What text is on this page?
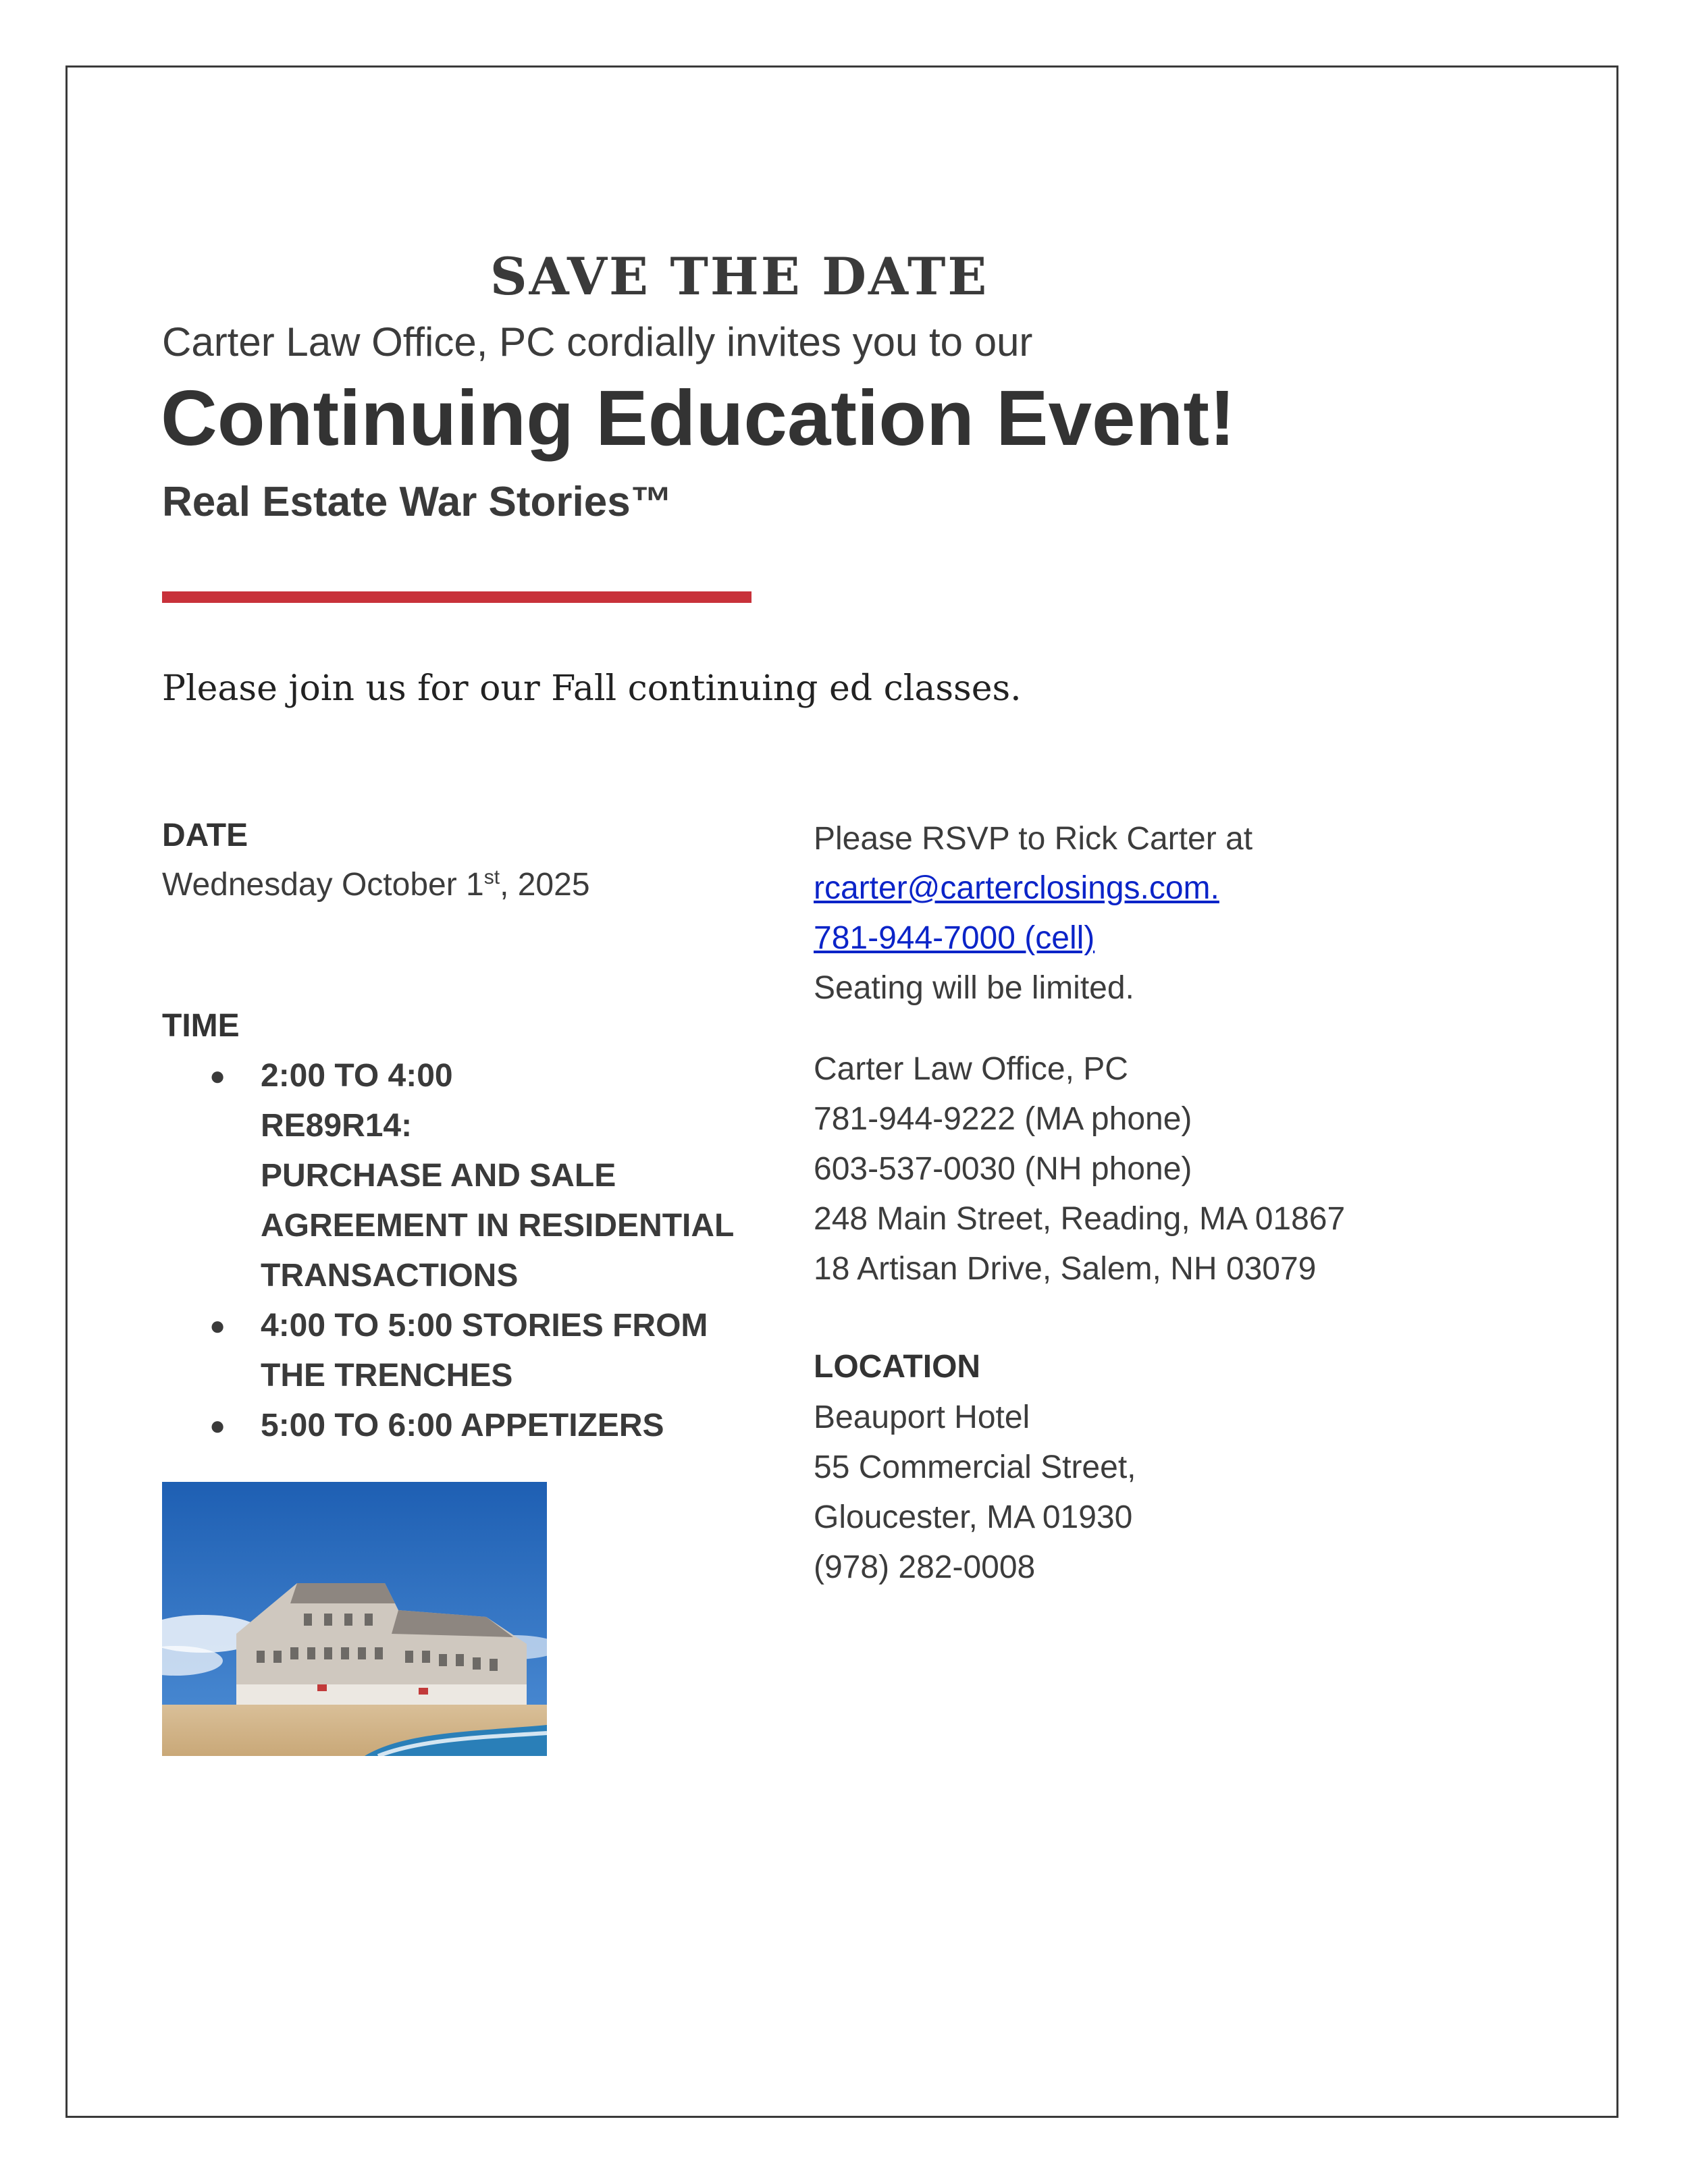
SAVE THE DATE
Carter Law Office, PC cordially invites you to our
Continuing Education Event!
Real Estate War Stories™
Please join us for our Fall continuing ed classes.
DATE
Wednesday October 1st, 2025
TIME
● 2:00 TO 4:00
RE89R14:
PURCHASE AND SALE
AGREEMENT IN RESIDENTIAL
TRANSACTIONS
● 4:00 TO 5:00 STORIES FROM
THE TRENCHES
● 5:00 TO 6:00 APPETIZERS
Please RSVP to Rick Carter at
rcarter@carterclosings.com.
781-944-7000 (cell)
Seating will be limited.
Carter Law Office, PC
781-944-9222 (MA phone)
603-537-0030 (NH phone)
248 Main Street, Reading, MA 01867
18 Artisan Drive, Salem, NH 03079
LOCATION
Beauport Hotel
55 Commercial Street,
Gloucester, MA 01930
(978) 282-0008
